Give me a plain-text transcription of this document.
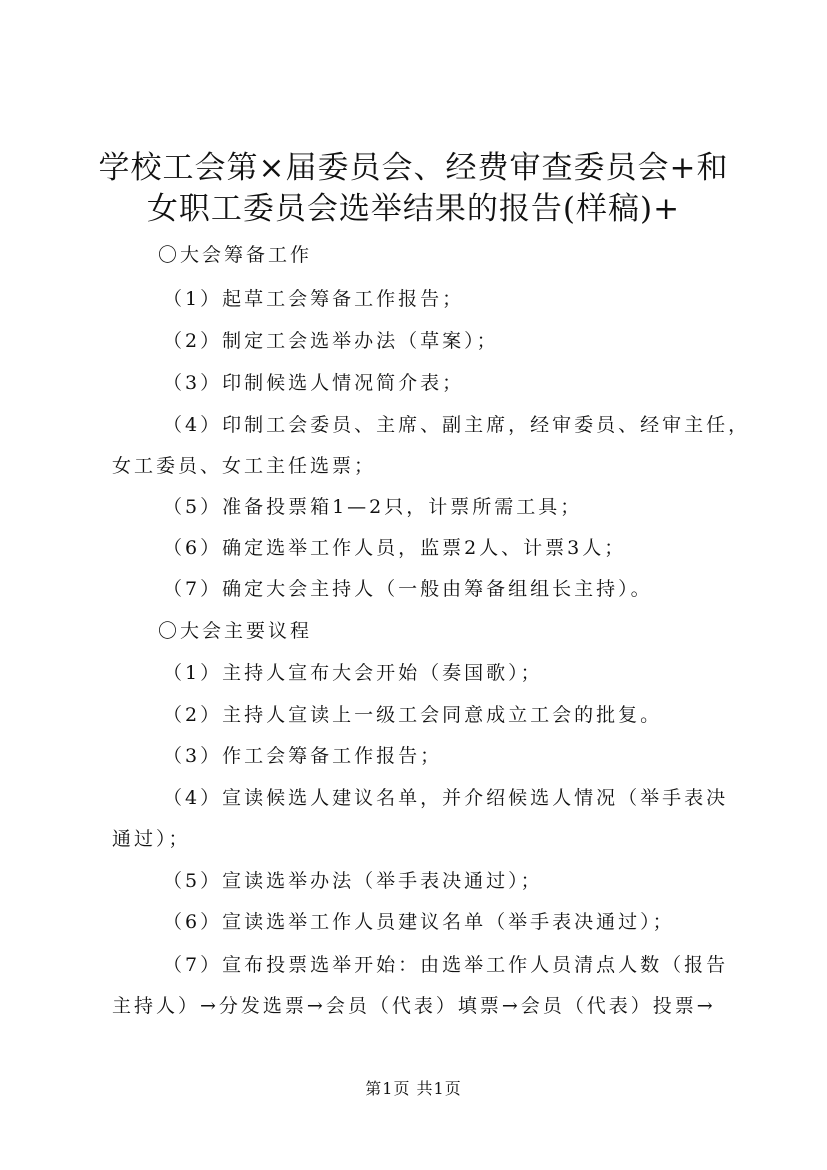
学校工会第×届委员会、经费审查委员会+和
女职工委员会选举结果的报告(样稿)+
〇大会筹备工作
（1）起草工会筹备工作报告；
（2）制定工会选举办法（草案）；
（3）印制候选人情况简介表；
（4）印制工会委员、主席、副主席，经审委员、经审主任，
女工委员、女工主任选票；
（5）准备投票箱1—2只，计票所需工具；
（6）确定选举工作人员，监票2人、计票3人；
（7）确定大会主持人（一般由筹备组组长主持）。
〇大会主要议程
（1）主持人宣布大会开始（奏国歌）；
（2）主持人宣读上一级工会同意成立工会的批复。
（3）作工会筹备工作报告；
（4）宣读候选人建议名单，并介绍候选人情况（举手表决
通过）；
（5）宣读选举办法（举手表决通过）；
（6）宣读选举工作人员建议名单（举手表决通过）；
（7）宣布投票选举开始：由选举工作人员清点人数（报告
主持人）→分发选票→会员（代表）填票→会员（代表）投票→
第1页 共1页
